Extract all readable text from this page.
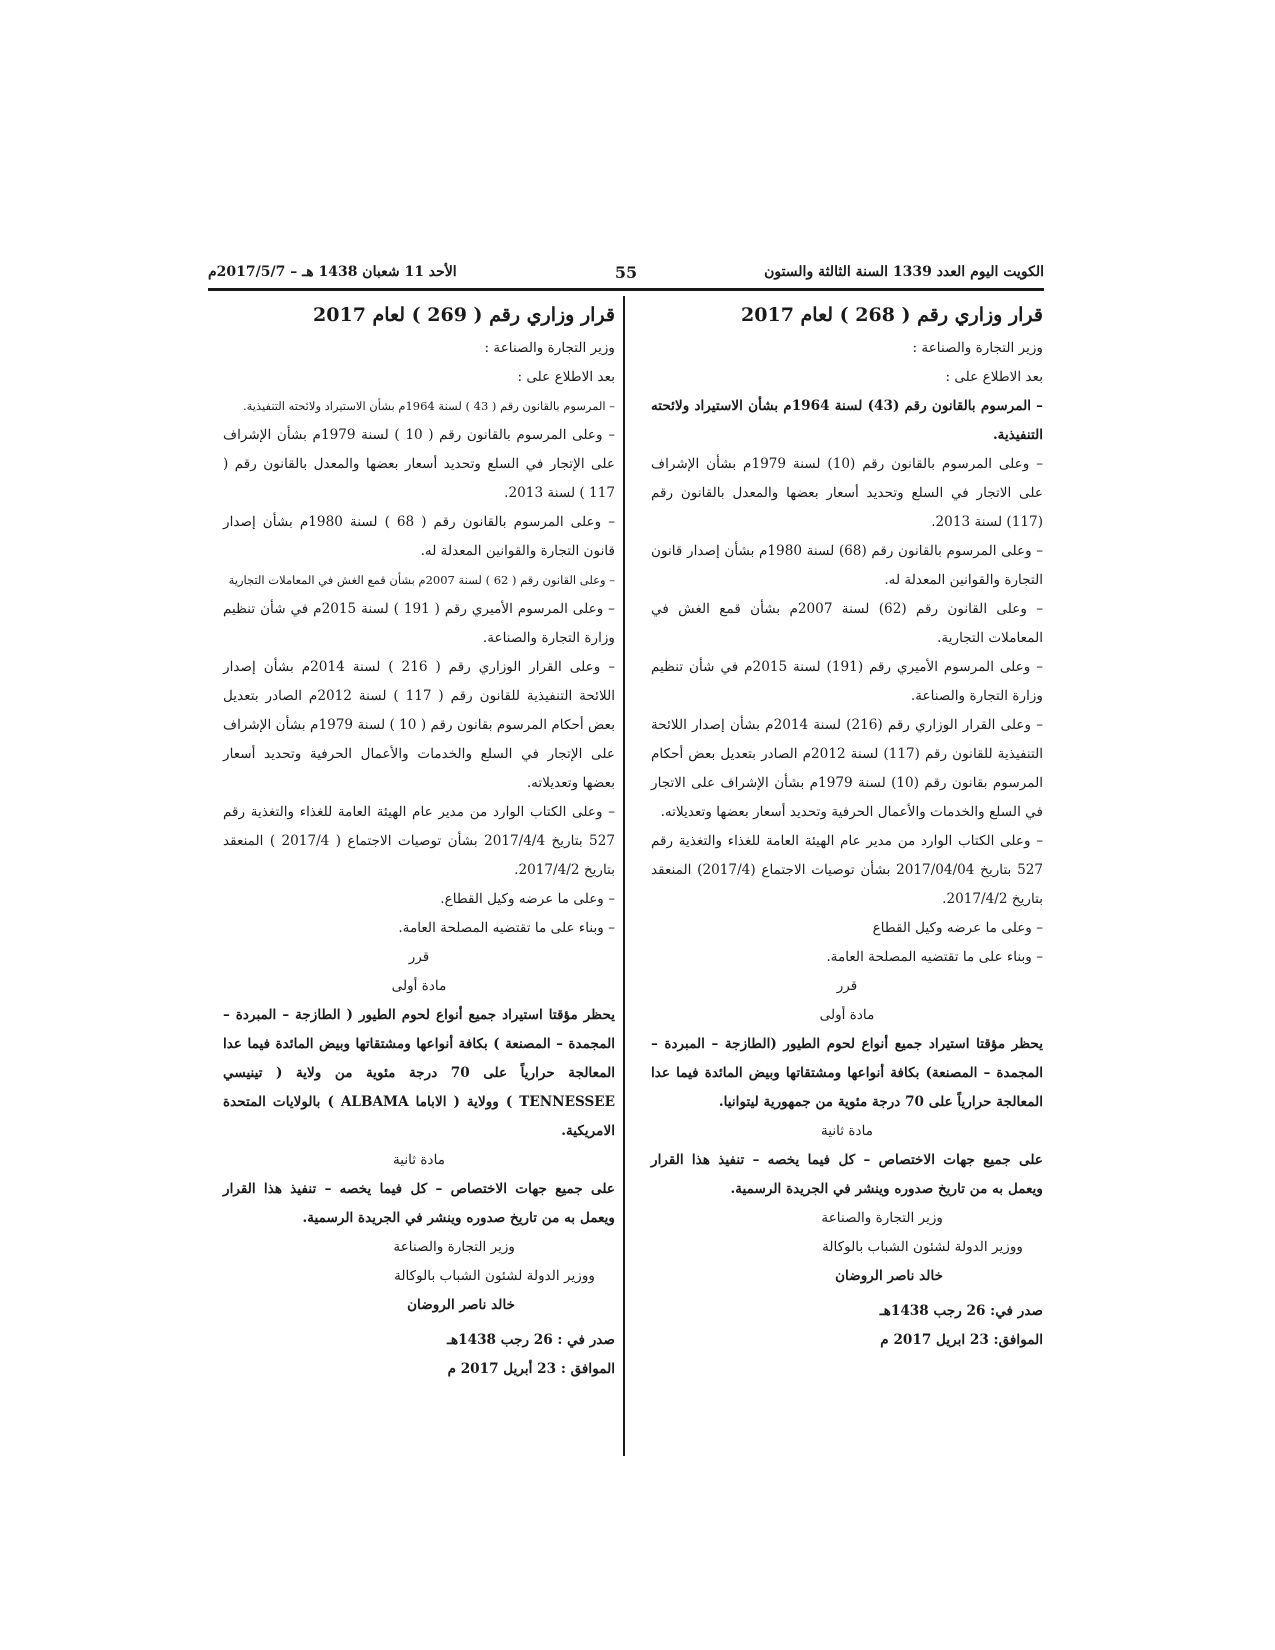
الكويت اليوم العدد 1339 السنة الثالثة والستون
55
الأحد 11 شعبان 1438 هـ – 2017/5/7م
قرار وزاري رقم ( 268 ) لعام 2017

وزير التجارة والصناعة :

بعد الاطلاع على :

– المرسوم بالقانون رقم (43) لسنة 1964م بشأن الاستيراد ولائحته التنفيذية.

– وعلى المرسوم بالقانون رقم (10) لسنة 1979م بشأن الإشراف على الاتجار في السلع وتحديد أسعار بعضها والمعدل بالقانون رقم (117) لسنة 2013.

– وعلى المرسوم بالقانون رقم (68) لسنة 1980م بشأن إصدار قانون التجارة والقوانين المعدلة له.

– وعلى القانون رقم (62) لسنة 2007م بشأن قمع الغش في المعاملات التجارية.

– وعلى المرسوم الأميري رقم (191) لسنة 2015م في شأن تنظيم وزارة التجارة والصناعة.

– وعلى القرار الوزاري رقم (216) لسنة 2014م بشأن إصدار اللائحة التنفيذية للقانون رقم (117) لسنة 2012م الصادر بتعديل بعض أحكام المرسوم بقانون رقم (10) لسنة 1979م بشأن الإشراف على الاتجار في السلع والخدمات والأعمال الحرفية وتحديد أسعار بعضها وتعديلاته.

– وعلى الكتاب الوارد من مدير عام الهيئة العامة للغذاء والتغذية رقم 527 بتاريخ 2017/04/04 بشأن توصيات الاجتماع (2017/4) المنعقد بتاريخ 2017/4/2.

– وعلى ما عرضه وكيل القطاع

– وبناء على ما تقتضيه المصلحة العامة.

قرر

مادة أولى

يحظر مؤقتا استيراد جميع أنواع لحوم الطيور (الطازجة – المبردة – المجمدة – المصنعة) بكافة أنواعها ومشتقاتها وبيض المائدة فيما عدا المعالجة حرارياً على 70 درجة مئوية من جمهورية ليتوانيا.

مادة ثانية

على جميع جهات الاختصاص – كل فيما يخصه – تنفيذ هذا القرار ويعمل به من تاريخ صدوره وينشر في الجريدة الرسمية.

وزير التجارة والصناعة

ووزير الدولة لشئون الشباب بالوكالة

خالد ناصر الروضان

صدر في: 26 رجب 1438هـ

الموافق: 23 ابريل 2017 م

قرار وزاري رقم ( 269 ) لعام 2017

وزير التجارة والصناعة :

بعد الاطلاع على :

– المرسوم بالقانون رقم ( 43 ) لسنة 1964م بشأن الاستيراد ولائحته التنفيذية.

– وعلى المرسوم بالقانون رقم ( 10 ) لسنة 1979م بشأن الإشراف على الإتجار في السلع وتحديد أسعار بعضها والمعدل بالقانون رقم ( 117 ) لسنة 2013.

– وعلى المرسوم بالقانون رقم ( 68 ) لسنة 1980م بشأن إصدار قانون التجارة والقوانين المعدلة له.

– وعلى القانون رقم ( 62 ) لسنة 2007م بشأن قمع الغش في المعاملات التجارية

– وعلى المرسوم الأميري رقم ( 191 ) لسنة 2015م في شأن تنظيم وزارة التجارة والصناعة.

– وعلى القرار الوزاري رقم ( 216 ) لسنة 2014م بشأن إصدار اللائحة التنفيذية للقانون رقم ( 117 ) لسنة 2012م الصادر بتعديل بعض أحكام المرسوم بقانون رقم ( 10 ) لسنة 1979م بشأن الإشراف على الإتجار في السلع والخدمات والأعمال الحرفية وتحديد أسعار بعضها وتعديلاته.

– وعلى الكتاب الوارد من مدير عام الهيئة العامة للغذاء والتغذية رقم 527 بتاريخ 2017/4/4 بشأن توصيات الاجتماع ( 2017/4 ) المنعقد بتاريخ 2017/4/2.

– وعلى ما عرضه وكيل القطاع.

– وبناء على ما تقتضيه المصلحة العامة.

قرر

مادة أولى

يحظر مؤقتا استيراد جميع أنواع لحوم الطيور ( الطازجة – المبردة – المجمدة – المصنعة ) بكافة أنواعها ومشتقاتها وبيض المائدة فيما عدا المعالجة حرارياً على 70 درجة مئوية من ولاية ( تينيسي TENNESSEE ) وولاية ( الاباما ALBAMA ) بالولايات المتحدة الامريكية.

مادة ثانية

على جميع جهات الاختصاص – كل فيما يخصه – تنفيذ هذا القرار ويعمل به من تاريخ صدوره وينشر في الجريدة الرسمية.

وزير التجارة والصناعة

ووزير الدولة لشئون الشباب بالوكالة

خالد ناصر الروضان

صدر في : 26 رجب 1438هـ

الموافق : 23 أبريل 2017 م
